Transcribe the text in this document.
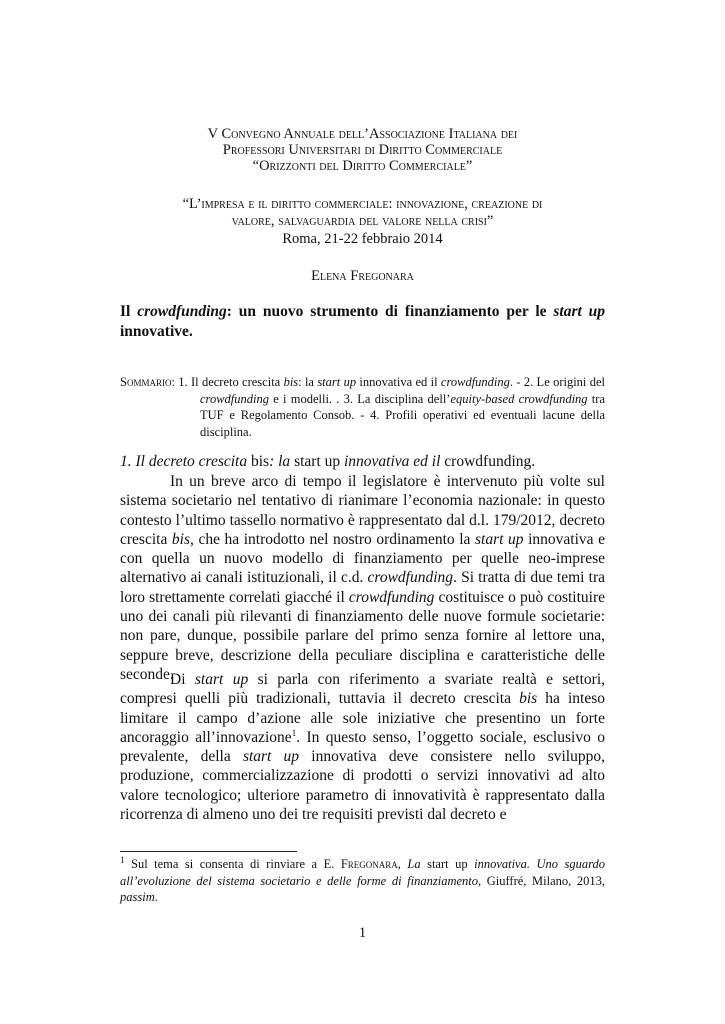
V Convegno Annuale dell’Associazione Italiana dei
Professori Universitari di Diritto Commerciale
“Orizzonti del Diritto Commerciale”
“L’impresa e il diritto commerciale: innovazione, creazione di
valore, salvaguardia del valore nella crisi”
Roma, 21-22 febbraio 2014
Elena Fregonara
Il crowdfunding: un nuovo strumento di finanziamento per le start up innovative.
Sommario: 1. Il decreto crescita bis: la start up innovativa ed il crowdfunding. - 2. Le origini del crowdfunding e i modelli. . 3. La disciplina dell’equity-based crowdfunding tra TUF e Regolamento Consob. - 4. Profili operativi ed eventuali lacune della disciplina.
1. Il decreto crescita bis: la start up innovativa ed il crowdfunding.
In un breve arco di tempo il legislatore è intervenuto più volte sul sistema societario nel tentativo di rianimare l’economia nazionale: in questo contesto l’ultimo tassello normativo è rappresentato dal d.l. 179/2012, decreto crescita bis, che ha introdotto nel nostro ordinamento la start up innovativa e con quella un nuovo modello di finanziamento per quelle neo-imprese alternativo ai canali istituzionali, il c.d. crowdfunding. Si tratta di due temi tra loro strettamente correlati giacché il crowdfunding costituisce o può costituire uno dei canali più rilevanti di finanziamento delle nuove formule societarie: non pare, dunque, possibile parlare del primo senza fornire al lettore una, seppure breve, descrizione della peculiare disciplina e caratteristiche delle seconde.
Di start up si parla con riferimento a svariate realtà e settori, compresi quelli più tradizionali, tuttavia il decreto crescita bis ha inteso limitare il campo d’azione alle sole iniziative che presentino un forte ancoraggio all’innovazione$^1$. In questo senso, l’oggetto sociale, esclusivo o prevalente, della start up innovativa deve consistere nello sviluppo, produzione, commercializzazione di prodotti o servizi innovativi ad alto valore tecnologico; ulteriore parametro di innovatività è rappresentato dalla ricorrenza di almeno uno dei tre requisiti previsti dal decreto e
$^1$ Sul tema si consenta di rinviare a E. Fregonara, La start up innovativa. Uno sguardo all’evoluzione del sistema societario e delle forme di finanziamento, Giuffré, Milano, 2013, passim.
1
